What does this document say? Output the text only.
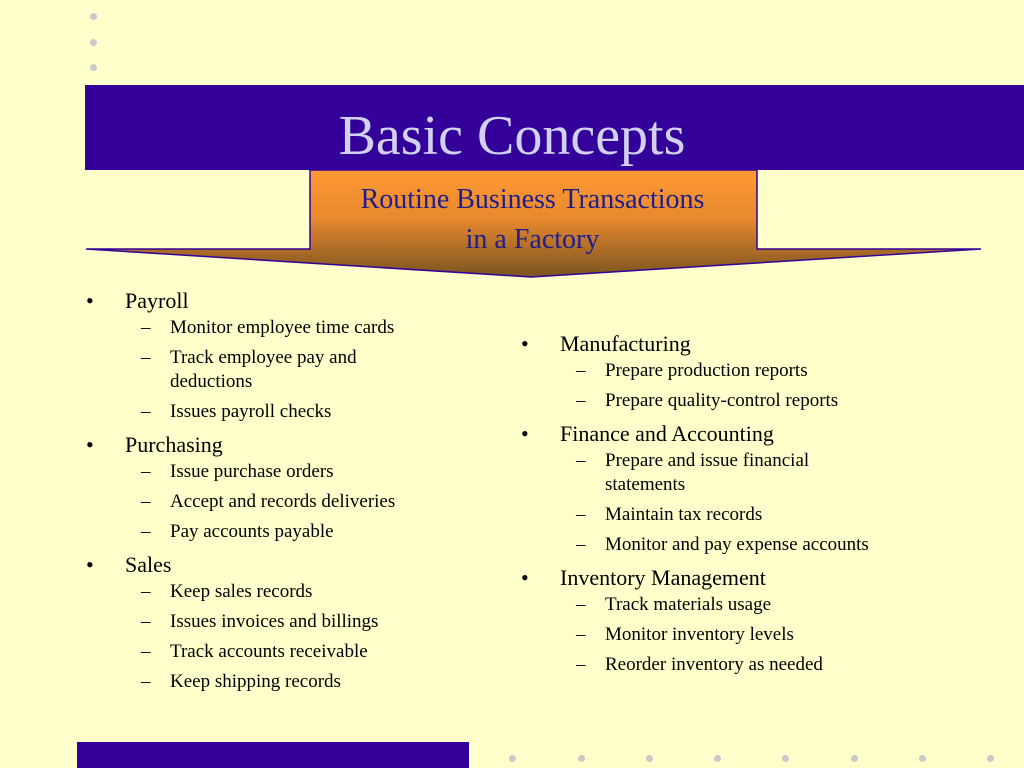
Basic Concepts
Routine Business Transactions
in a Factory
•	Payroll
– Monitor employee time cards
– Track employee pay and deductions
– Issues payroll checks
•	Purchasing
– Issue purchase orders
– Accept and records deliveries
– Pay accounts payable
•	Sales
– Keep sales records
– Issues invoices and billings
– Track accounts receivable
– Keep shipping records
•	Manufacturing
– Prepare production reports
– Prepare quality-control reports
•	Finance and Accounting
– Prepare and issue financial statements
– Maintain tax records
– Monitor and pay expense accounts
•	Inventory Management
– Track materials usage
– Monitor inventory levels
– Reorder inventory as needed
